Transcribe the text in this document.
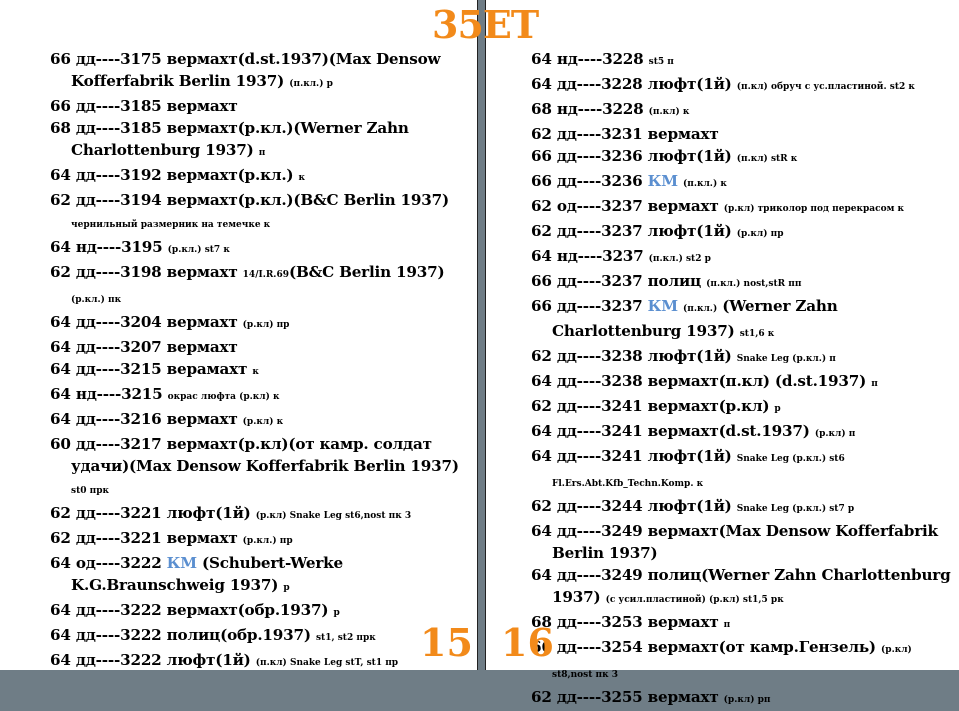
35ET
66 дд----3175 вермахт(d.st.1937)(Max Densow Kofferfabrik Berlin 1937) (п.кл.) р
66 дд----3185 вермахт
68 дд----3185 вермахт(р.кл.)(Werner Zahn Charlottenburg 1937) п
64 дд----3192 вермахт(р.кл.) к
62 дд----3194 вермахт(р.кл.)(B&C Berlin 1937) чернильный размерник на темечке к
64 нд----3195 (р.кл.) st7 к
62 дд----3198 вермахт 14/I.R.69(B&C Berlin 1937) (р.кл.) пк
64 дд----3204 вермахт (р.кл) пр
64 дд----3207 вермахт
64 дд----3215 верамахт к
64 нд----3215 окрас люфта (р.кл) к
64 дд----3216 вермахт (р.кл) к
60 дд----3217 вермахт(р.кл)(от камр. солдат удачи)(Max Densow Kofferfabrik Berlin 1937) st0 прк
62 дд----3221 люфт(1й) (р.кл) Snake Leg st6,nost пк 3
62 дд----3221 вермахт (р.кл.) пр
64 од----3222 КМ (Schubert-Werke K.G.Braunschweig 1937) р
64 дд----3222 вермахт(обр.1937) р
64 дд----3222 полиц(обр.1937) st1, st2 прк
64 дд----3222 люфт(1й) (п.кл) Snake Leg stT, st1 пр 15
64 нд----3228 st5 п
64 дд----3228 люфт(1й) (п.кл) обруч с ус.пластиной. st2 к
68 нд----3228 (п.кл) к
62 дд----3231 вермахт
66 дд----3236 люфт(1й) (п.кл) stR к
66 дд----3236 КМ (п.кл.) к
62 од----3237 вермахт (р.кл) триколор под перекрасом к
62 дд----3237 люфт(1й) (р.кл) пр
64 нд----3237 (п.кл.) st2 р
66 дд----3237 полиц (п.кл.) nost,stR пп
66 дд----3237 КМ (п.кл.) (Werner Zahn Charlottenburg 1937) st1,6 к
62 дд----3238 люфт(1й) Snake Leg (р.кл.) п
64 дд----3238 вермахт(п.кл) (d.st.1937) п
62 дд----3241 вермахт(р.кл) р
64 дд----3241 вермахт(d.st.1937) (р.кл) п
64 дд----3241 люфт(1й) Snake Leg (р.кл.) st6 Fl.Ers.Abt.Kfb_Techn.Komp. к
62 дд----3244 люфт(1й) Snake Leg (р.кл.) st7 р
64 дд----3249 вермахт(Max Densow Kofferfabrik Berlin 1937)
64 дд----3249 полиц(Werner Zahn Charlottenburg 1937) (с усил.пластиной) (р.кл) st1,5 рк
68 дд----3253 вермахт п
66 дд----3254 вермахт(от камр.Гензель) (р.кл) st8,nost пк 3
62 дд----3255 вермахт (р.кл) рп
16
